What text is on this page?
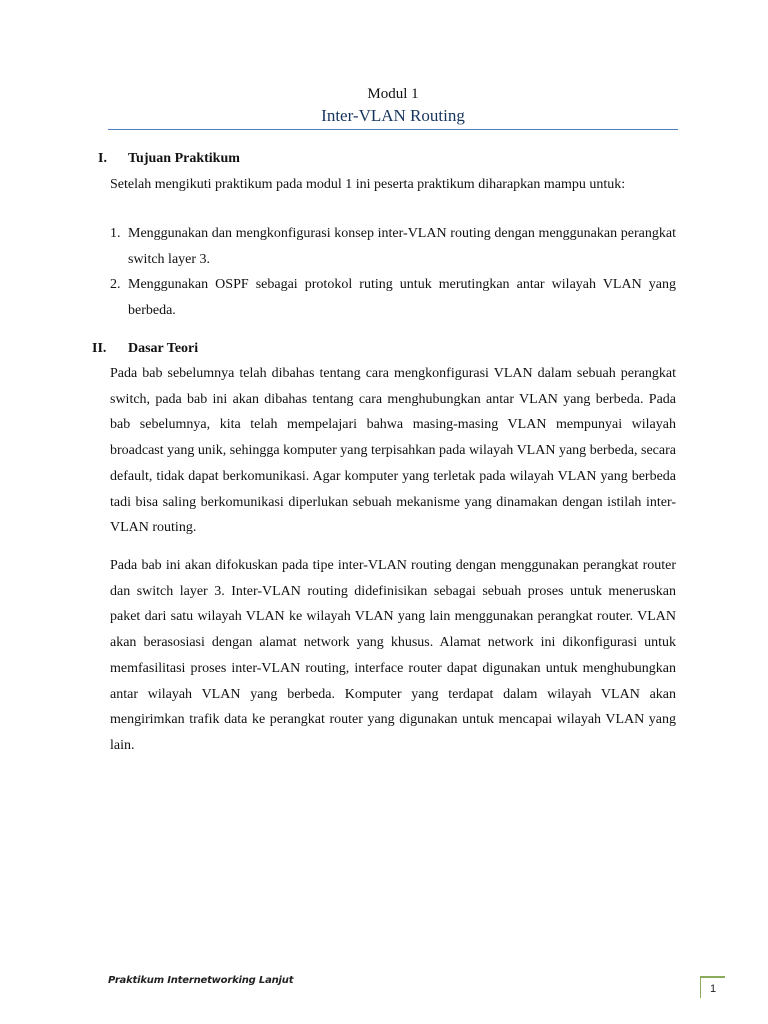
Modul 1
Inter-VLAN Routing
I. Tujuan Praktikum

Setelah mengikuti praktikum pada modul 1 ini peserta praktikum diharapkan mampu untuk:

1. Menggunakan dan mengkonfigurasi konsep inter-VLAN routing dengan menggunakan perangkat switch layer 3.
2. Menggunakan OSPF sebagai protokol ruting untuk merutingkan antar wilayah VLAN yang berbeda.
II. Dasar Teori

Pada bab sebelumnya telah dibahas tentang cara mengkonfigurasi VLAN dalam sebuah perangkat switch, pada bab ini akan dibahas tentang cara menghubungkan antar VLAN yang berbeda. Pada bab sebelumnya, kita telah mempelajari bahwa masing-masing VLAN mempunyai wilayah broadcast yang unik, sehingga komputer yang terpisahkan pada wilayah VLAN yang berbeda, secara default, tidak dapat berkomunikasi. Agar komputer yang terletak pada wilayah VLAN yang berbeda tadi bisa saling berkomunikasi diperlukan sebuah mekanisme yang dinamakan dengan istilah inter-VLAN routing.

Pada bab ini akan difokuskan pada tipe inter-VLAN routing dengan menggunakan perangkat router dan switch layer 3. Inter-VLAN routing didefinisikan sebagai sebuah proses untuk meneruskan paket dari satu wilayah VLAN ke wilayah VLAN yang lain menggunakan perangkat router. VLAN akan berasosiasi dengan alamat network yang khusus. Alamat network ini dikonfigurasi untuk memfasilitasi proses inter-VLAN routing, interface router dapat digunakan untuk menghubungkan antar wilayah VLAN yang berbeda. Komputer yang terdapat dalam wilayah VLAN akan mengirimkan trafik data ke perangkat router yang digunakan untuk mencapai wilayah VLAN yang lain.

Praktikum Internetworking Lanjut
1
